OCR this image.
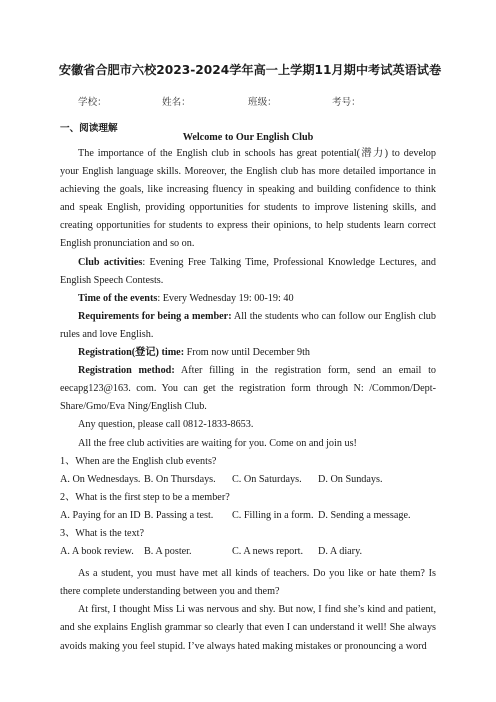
安徽省合肥市六校2023-2024学年高一上学期11月期中考试英语试卷
学校：	姓名：	班级：	考号：
一、阅读理解
Welcome to Our English Club

The importance of the English club in schools has great potential(潜力) to develop your English language skills. Moreover, the English club has more detailed importance in achieving the goals, like increasing fluency in speaking and building confidence to think and speak English, providing opportunities for students to improve listening skills, and creating opportunities for students to express their opinions, to help students learn correct English pronunciation and so on.

Club activities: Evening Free Talking Time, Professional Knowledge Lectures, and English Speech Contests.

Time of the events: Every Wednesday 19: 00-19: 40

Requirements for being a member: All the students who can follow our English club rules and love English.

Registration(登记) time: From now until December 9th

Registration method: After filling in the registration form, send an email to eecapg123@163. com. You can get the registration form through N: /Common/Dept-Share/Gmo/Eva Ning/English Club.

Any question, please call 0812-1833-8653.

All the free club activities are waiting for you. Come on and join us!

1、When are the English club events?

A. On Wednesdays. B. On Thursdays. C. On Saturdays. D. On Sundays.

2、What is the first step to be a member?

A. Paying for an ID B. Passing a test. C. Filling in a form. D. Sending a message.

3、What is the text?

A. A book review. B. A poster.	C. A news report. D. A diary.

As a student, you must have met all kinds of teachers. Do you like or hate them? Is there complete understanding between you and them?

At first, I thought Miss Li was nervous and shy. But now, I find she’s kind and patient, and she explains English grammar so clearly that even I can understand it well! She always avoids making you feel stupid. I’ve always hated making mistakes or pronouncing a word
